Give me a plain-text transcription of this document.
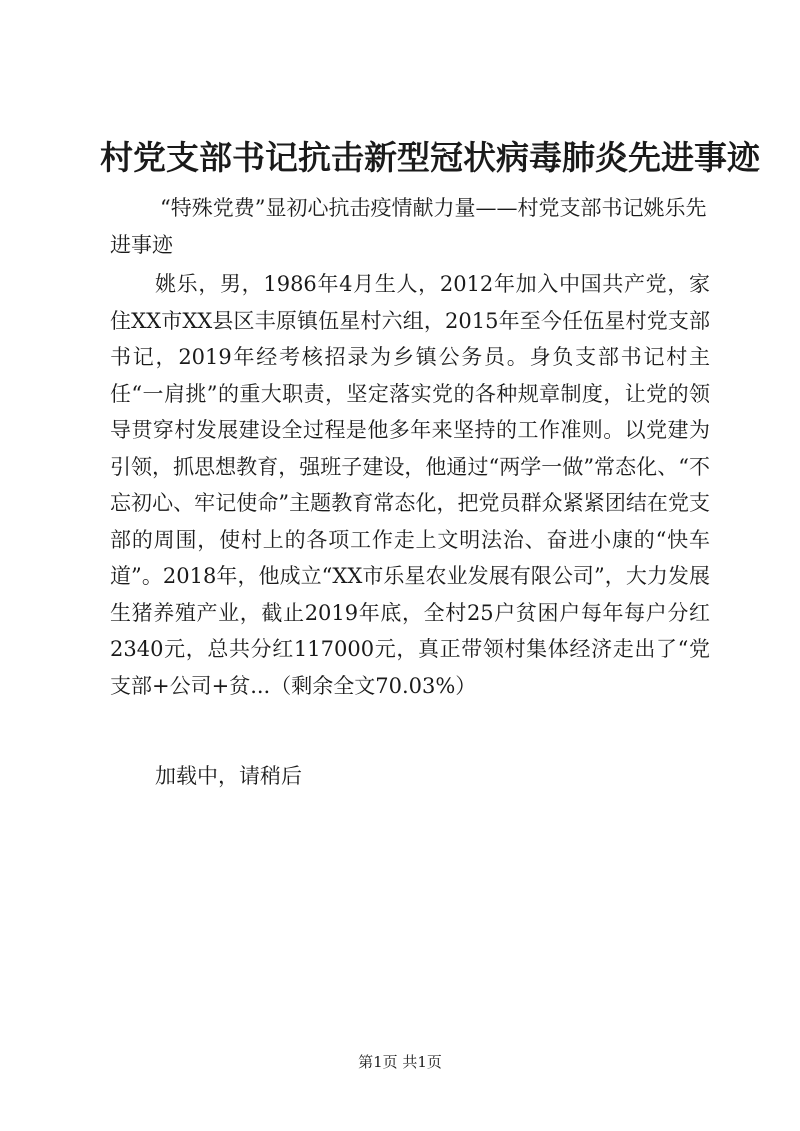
村党支部书记抗击新型冠状病毒肺炎先进事迹
“特殊党费”显初心抗击疫情献力量——村党支部书记姚乐先进事迹
姚乐，男，1986年4月生人，2012年加入中国共产党，家住XX市XX县区丰原镇伍星村六组，2015年至今任伍星村党支部书记，2019年经考核招录为乡镇公务员。身负支部书记村主任“一肩挑”的重大职责，坚定落实党的各种规章制度，让党的领导贯穿村发展建设全过程是他多年来坚持的工作准则。以党建为引领，抓思想教育，强班子建设，他通过“两学一做”常态化、“不忘初心、牢记使命”主题教育常态化，把党员群众紧紧团结在党支部的周围，使村上的各项工作走上文明法治、奋进小康的“快车道”。2018年，他成立“XX市乐星农业发展有限公司”，大力发展生猪养殖产业，截止2019年底，全村25户贫困户每年每户分红2340元，总共分红117000元，真正带领村集体经济走出了“党支部+公司+贫...（剩余全文70.03%）
加载中，请稍后
第1页 共1页
